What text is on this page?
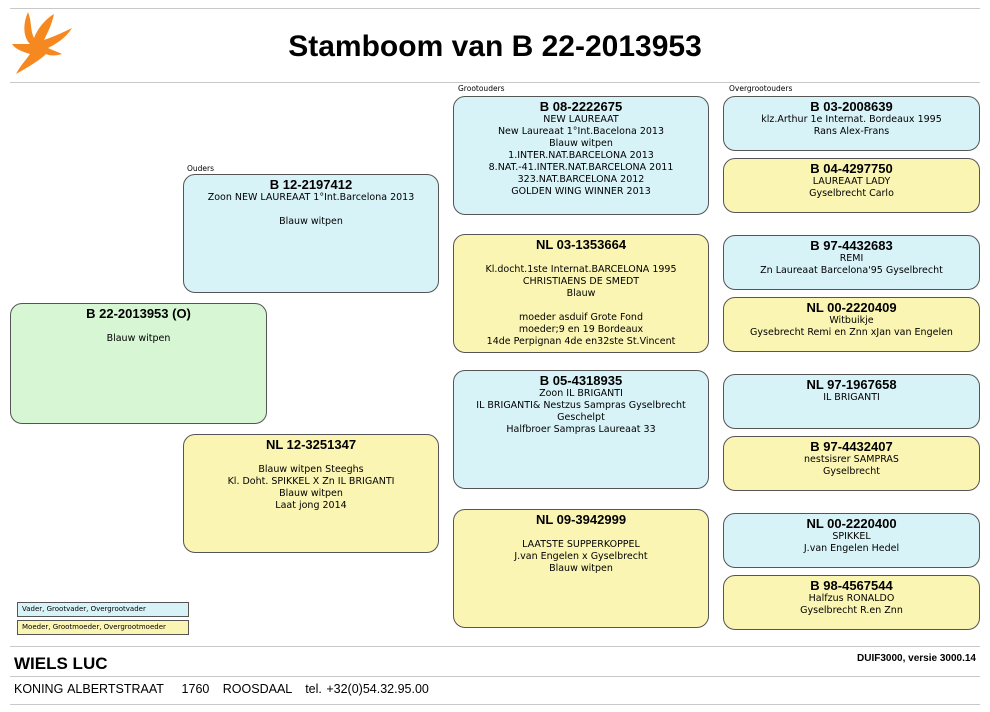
Stamboom van B 22-2013953
Ouders
Grootouders	Overgrootouders
B 22-2013953 (O)

Blauw witpen
B 12-2197412
Zoon NEW LAUREAAT 1°Int.Barcelona 2013

Blauw witpen
NL 12-3251347

Blauw witpen Steeghs
Kl. Doht. SPIKKEL X Zn IL BRIGANTI
Blauw witpen
Laat jong 2014
B 08-2222675
NEW LAUREAAT
New Laureaat 1°Int.Bacelona 2013
Blauw witpen
1.INTER.NAT.BARCELONA 2013
8.NAT.-41.INTER.NAT.BARCELONA 2011
323.NAT.BARCELONA 2012
GOLDEN WING WINNER 2013
NL 03-1353664

Kl.docht.1ste Internat.BARCELONA 1995
CHRISTIAENS DE SMEDT
Blauw

moeder asduif Grote Fond
moeder;9 en 19 Bordeaux
14de Perpignan 4de en32ste St.Vincent
B 05-4318935
Zoon IL BRIGANTI
IL BRIGANTI& Nestzus Sampras Gyselbrecht
Geschelpt
Halfbroer Sampras Laureaat 33
NL 09-3942999

LAATSTE SUPPERKOPPEL
J.van Engelen x Gyselbrecht
Blauw witpen
B 03-2008639
klz.Arthur 1e Internat. Bordeaux 1995
Rans Alex-Frans
B 04-4297750
LAUREAAT LADY
Gyselbrecht Carlo
B 97-4432683
REMI
Zn Laureaat Barcelona'95 Gyselbrecht
NL 00-2220409
Witbuikje
Gysebrecht Remi en Znn xJan van Engelen
NL 97-1967658
IL BRIGANTI
B 97-4432407
nestsisrer SAMPRAS
Gyselbrecht
NL 00-2220400
SPIKKEL
J.van Engelen Hedel
B 98-4567544
Halfzus RONALDO
Gyselbrecht R.en Znn
Vader, Grootvader, Overgrootvader
Moeder, Grootmoeder, Overgrootmoeder
WIELS LUC	DUIF3000, versie 3000.14
KONING ALBERTSTRAAT    1760   ROOSDAAL   tel. +32(0)54.32.95.00
